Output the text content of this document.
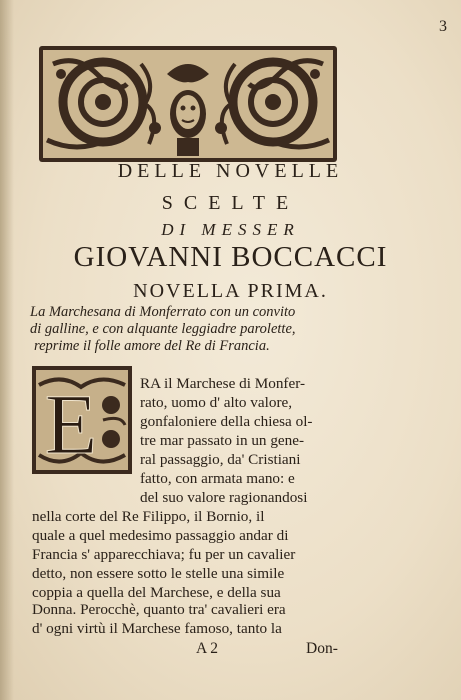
3
DELLE NOVELLE
SCELTE
DI MESSER
GIOVANNI BOCCACCI
NOVELLA PRIMA.
La Marchesana di Monferrato con un convito
di galline, e con alquante leggiadre parolette,
reprime il folle amore del Re di Francia.
E	RA il Marchese di Monfer-
rato, uomo d' alto valore,
gonfaloniere della chiesa ol-
tre mar passato in un gene-
ral passaggio, da' Cristiani
fatto, con armata mano: e
del suo valore ragionandosi
nella corte del Re Filippo, il Bornio, il
quale a quel medesimo passaggio andar di
Francia s' apparecchiava; fu per un cavalier
detto, non essere sotto le stelle una simile
coppia a quella del Marchese, e della sua
Donna. Perocchè, quanto tra' cavalieri era
d' ogni virtù il Marchese famoso, tanto la
A 2	Don-
